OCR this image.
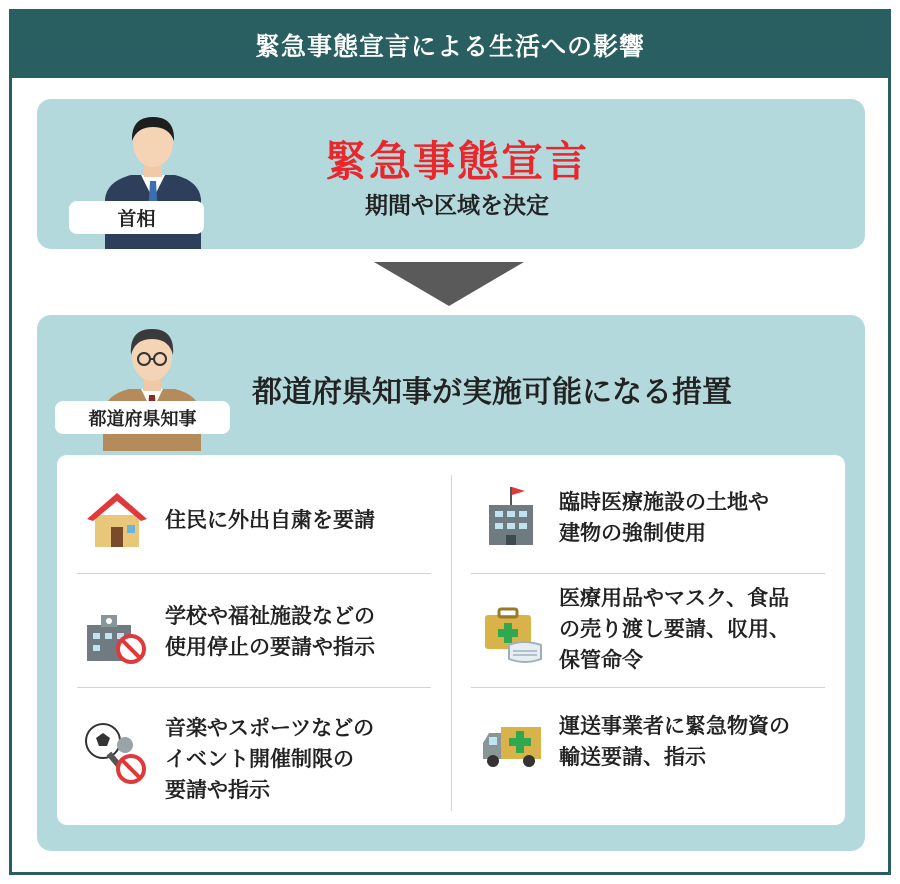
緊急事態宣言による生活への影響
首相
緊急事態宣言
期間や区域を決定
都道府県知事
都道府県知事が実施可能になる措置
住民に外出自粛を要請
臨時医療施設の土地や
建物の強制使用
学校や福祉施設などの
使用停止の要請や指示
医療用品やマスク、食品
の売り渡し要請、収用、
保管命令
音楽やスポーツなどの
イベント開催制限の
要請や指示
運送事業者に緊急物資の
輸送要請、指示
